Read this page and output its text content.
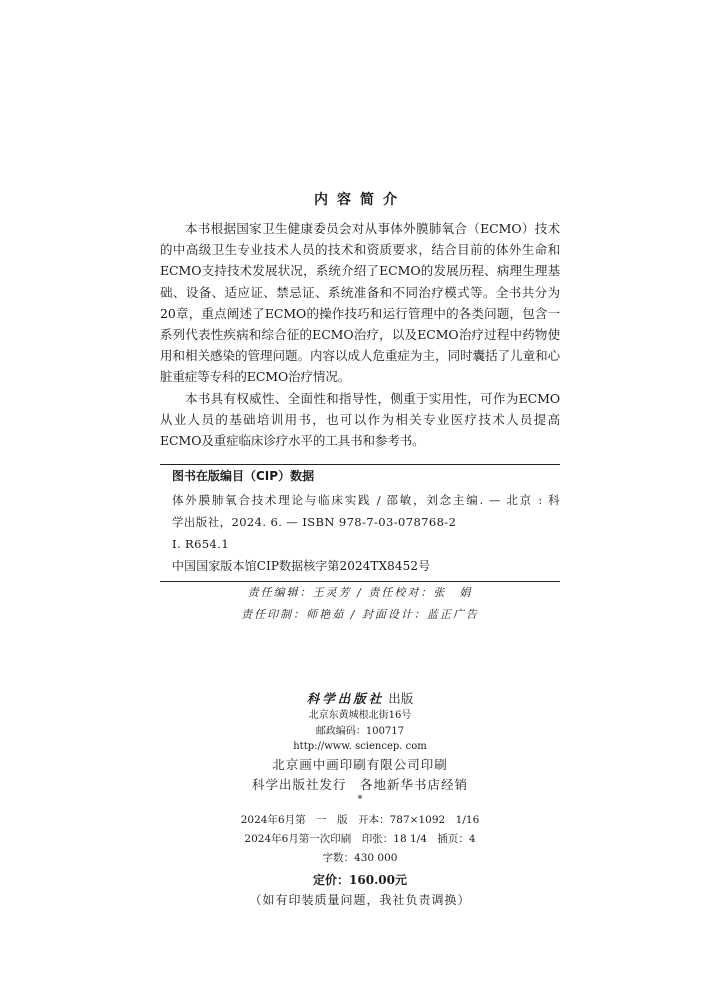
内容简介

本书根据国家卫生健康委员会对从事体外膜肺氧合（ECMO）技术的中高级卫生专业技术人员的技术和资质要求，结合目前的体外生命和ECMO支持技术发展状况，系统介绍了ECMO的发展历程、病理生理基础、设备、适应证、禁忌证、系统准备和不同治疗模式等。全书共分为20章，重点阐述了ECMO的操作技巧和运行管理中的各类问题，包含一系列代表性疾病和综合征的ECMO治疗，以及ECMO治疗过程中药物使用和相关感染的管理问题。内容以成人危重症为主，同时囊括了儿童和心脏重症等专科的ECMO治疗情况。

本书具有权威性、全面性和指导性，侧重于实用性，可作为ECMO从业人员的基础培训用书，也可以作为相关专业医疗技术人员提高ECMO及重症临床诊疗水平的工具书和参考书。

图书在版编目（CIP）数据
体外膜肺氧合技术理论与临床实践 / 邵敏，刘念主编. — 北京 : 科
学出版社，2024. 6. — ISBN 978-7-03-078768-2
Ⅰ. R654.1
中国国家版本馆CIP数据核字第2024TX8452号
责任编辑：王灵芳 / 责任校对：张　娟
责任印制：师艳茹 / 封面设计：蓝正广告
科学出版社 出版
北京东黄城根北街16号
邮政编码：100717
http://www. sciencep. com
北京画中画印刷有限公司印刷
科学出版社发行　各地新华书店经销
*
2024年6月第　一　版　开本：787×1092　1/16
2024年6月第一次印刷　印张：18 1/4　插页：4
字数：430 000
定价：160.00元
（如有印装质量问题，我社负责调换）
